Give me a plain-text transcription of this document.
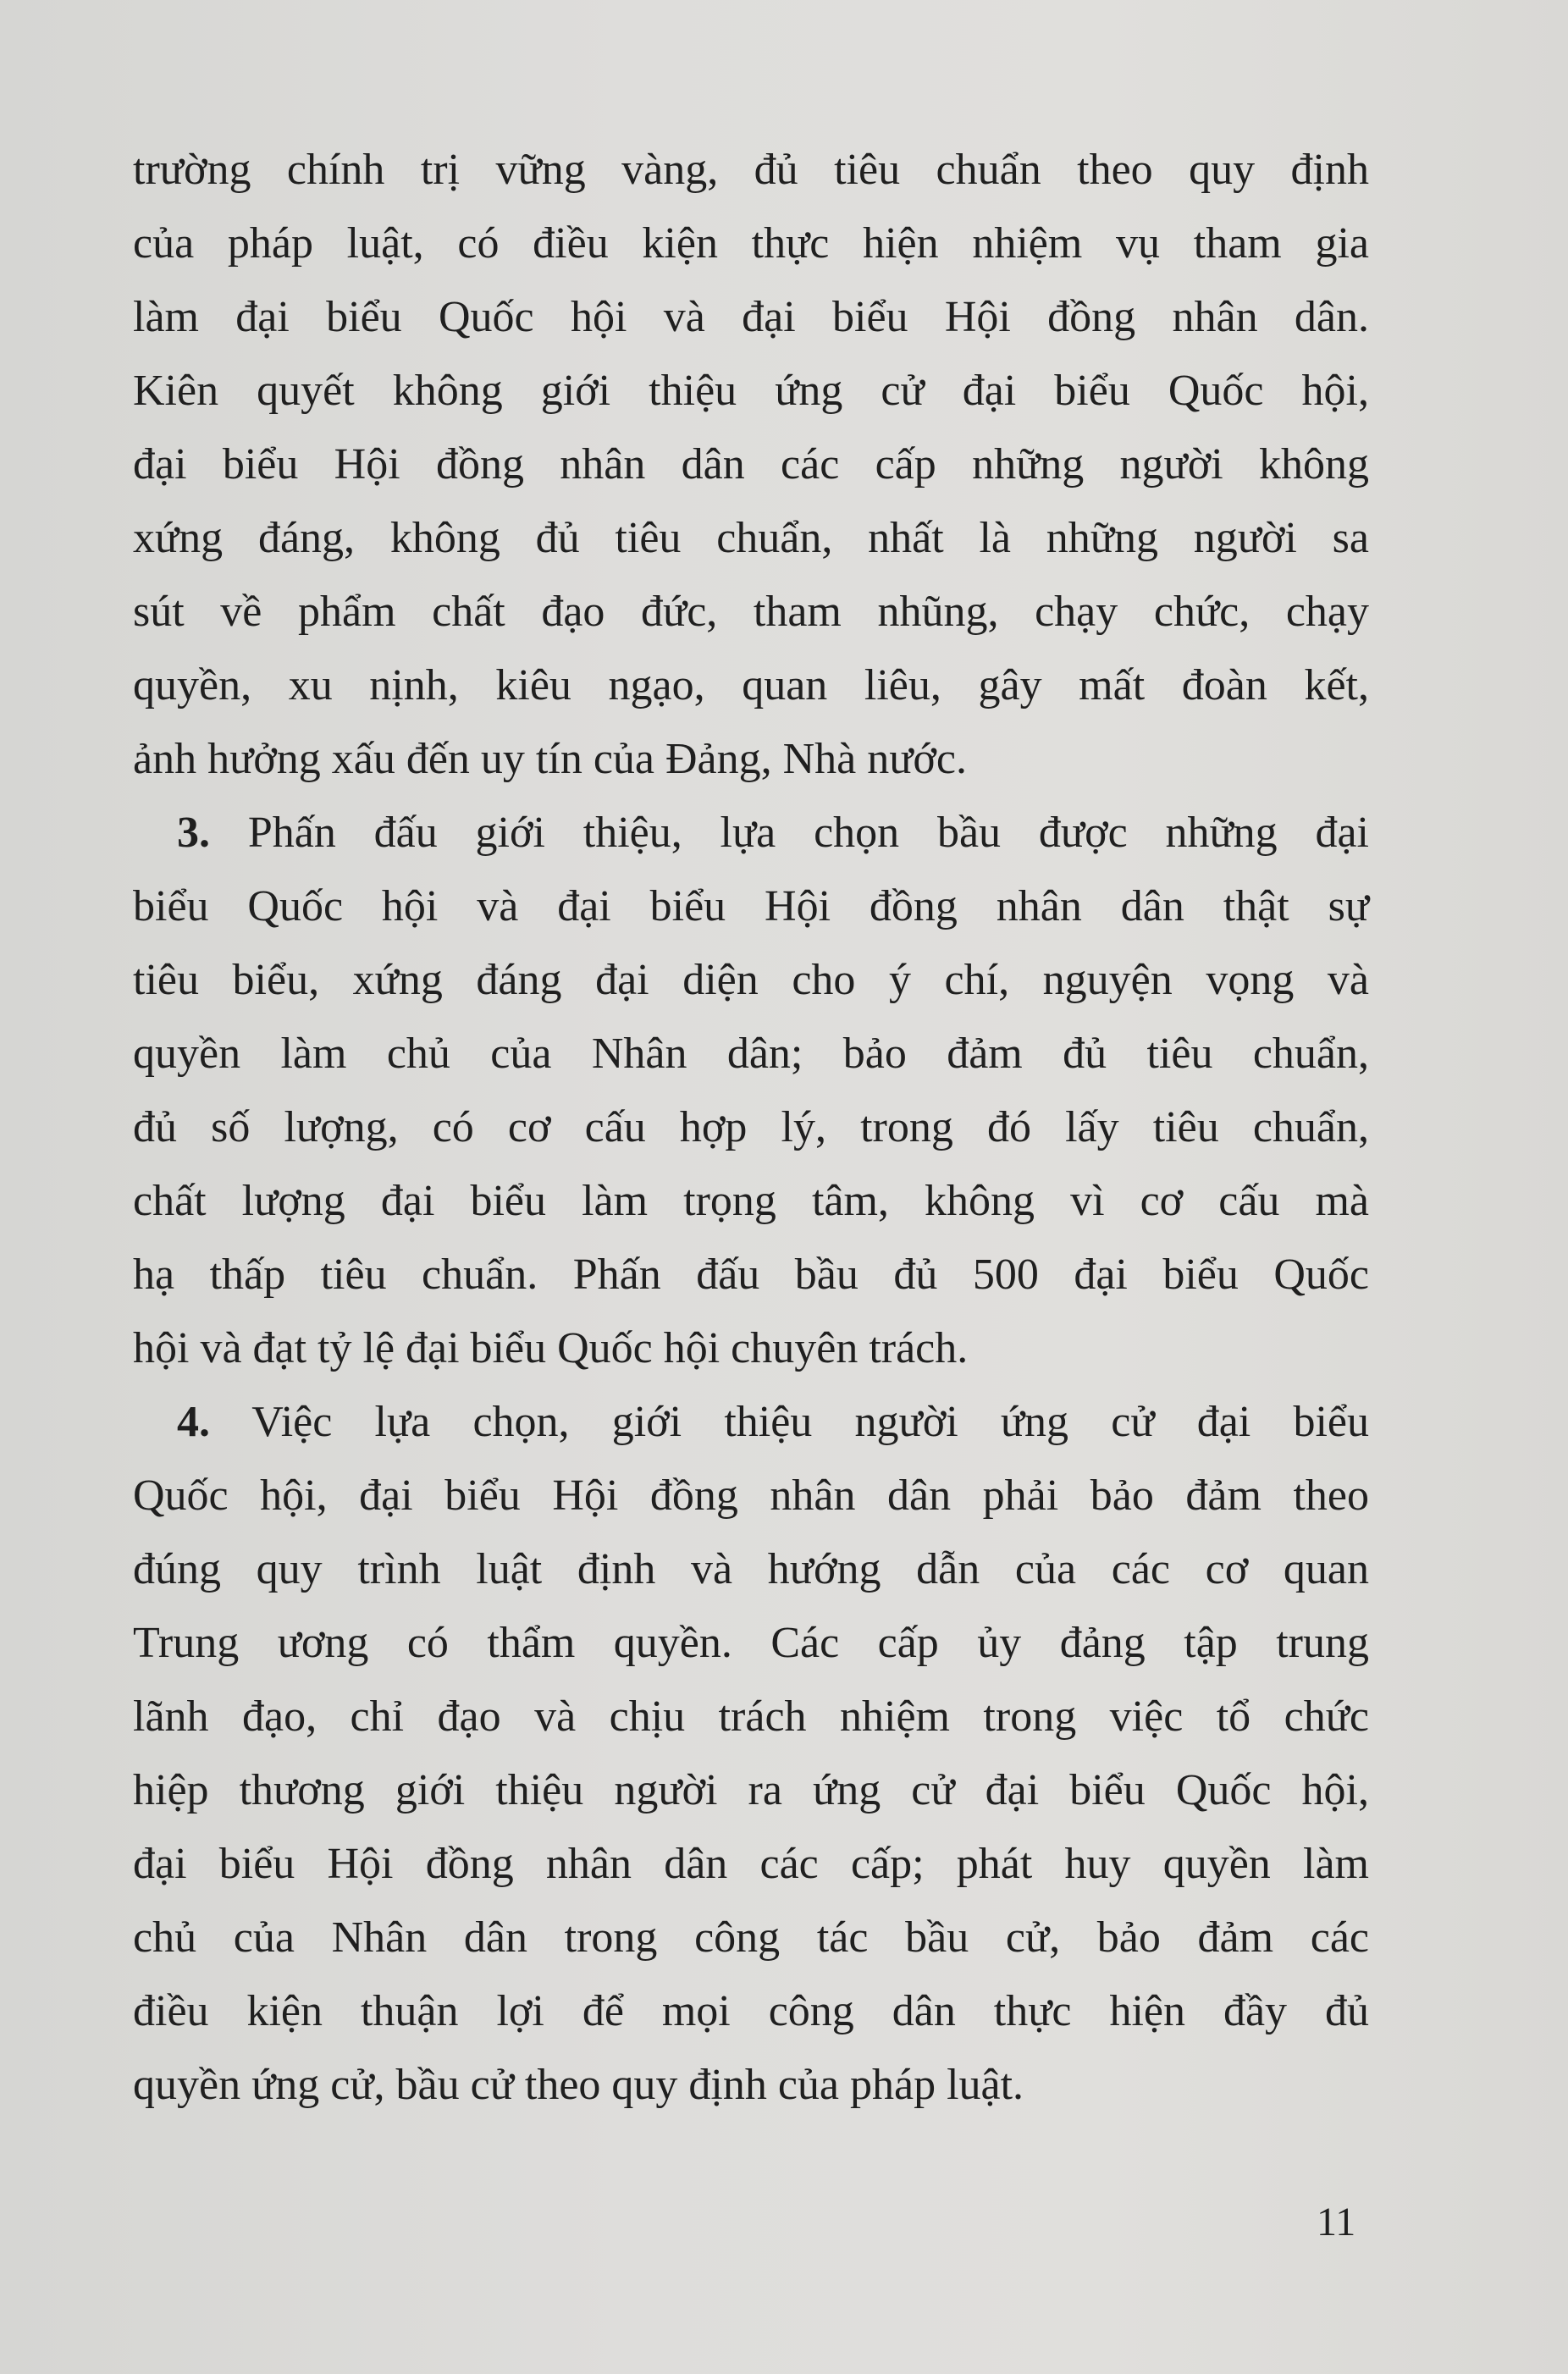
trường chính trị vững vàng, đủ tiêu chuẩn theo quy định
của pháp luật, có điều kiện thực hiện nhiệm vụ tham gia
làm đại biểu Quốc hội và đại biểu Hội đồng nhân dân.
Kiên quyết không giới thiệu ứng cử đại biểu Quốc hội,
đại biểu Hội đồng nhân dân các cấp những người không
xứng đáng, không đủ tiêu chuẩn, nhất là những người sa
sút về phẩm chất đạo đức, tham nhũng, chạy chức, chạy
quyền, xu nịnh, kiêu ngạo, quan liêu, gây mất đoàn kết,
ảnh hưởng xấu đến uy tín của Đảng, Nhà nước.
3. Phấn đấu giới thiệu, lựa chọn bầu được những đại
biểu Quốc hội và đại biểu Hội đồng nhân dân thật sự
tiêu biểu, xứng đáng đại diện cho ý chí, nguyện vọng và
quyền làm chủ của Nhân dân; bảo đảm đủ tiêu chuẩn,
đủ số lượng, có cơ cấu hợp lý, trong đó lấy tiêu chuẩn,
chất lượng đại biểu làm trọng tâm, không vì cơ cấu mà
hạ thấp tiêu chuẩn. Phấn đấu bầu đủ 500 đại biểu Quốc
hội và đạt tỷ lệ đại biểu Quốc hội chuyên trách.
4. Việc lựa chọn, giới thiệu người ứng cử đại biểu
Quốc hội, đại biểu Hội đồng nhân dân phải bảo đảm theo
đúng quy trình luật định và hướng dẫn của các cơ quan
Trung ương có thẩm quyền. Các cấp ủy đảng tập trung
lãnh đạo, chỉ đạo và chịu trách nhiệm trong việc tổ chức
hiệp thương giới thiệu người ra ứng cử đại biểu Quốc hội,
đại biểu Hội đồng nhân dân các cấp; phát huy quyền làm
chủ của Nhân dân trong công tác bầu cử, bảo đảm các
điều kiện thuận lợi để mọi công dân thực hiện đầy đủ
quyền ứng cử, bầu cử theo quy định của pháp luật.
11
